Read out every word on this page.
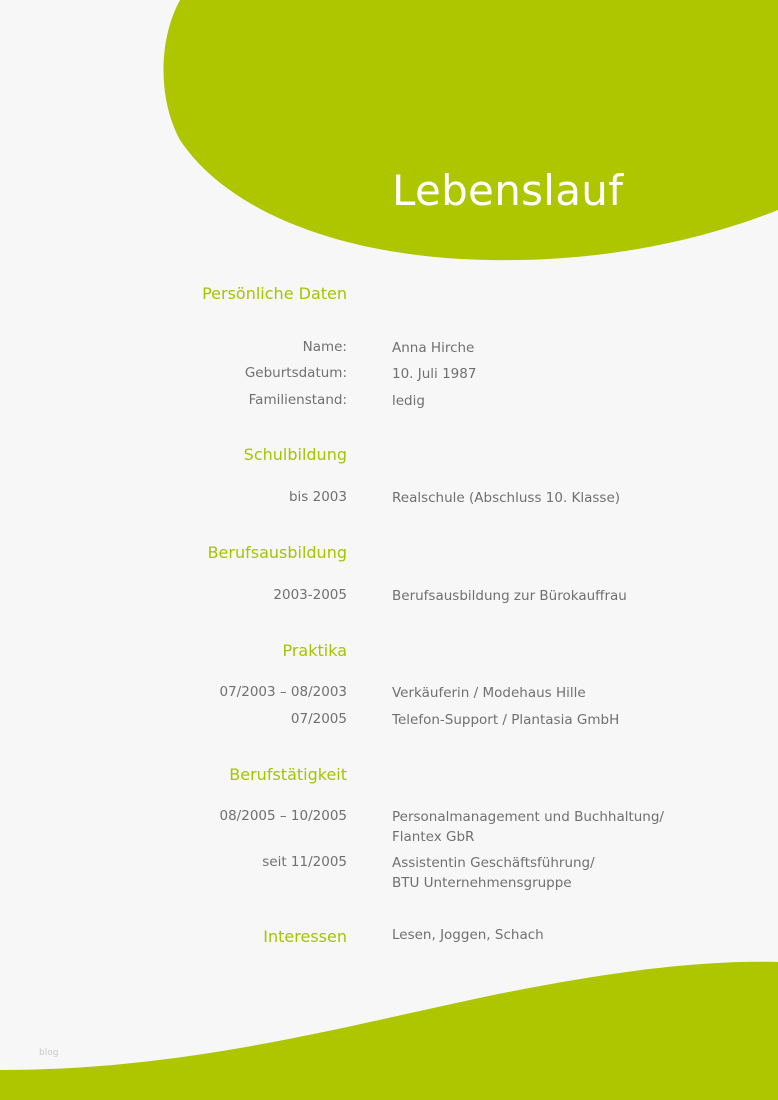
Lebenslauf
Persönliche Daten
Name:	Anna Hirche
Geburtsdatum:	10. Juli 1987
Familienstand:	ledig
Schulbildung
bis 2003	Realschule (Abschluss 10. Klasse)
Berufsausbildung
2003-2005	Berufsausbildung zur Bürokauffrau
Praktika
07/2003 – 08/2003	Verkäuferin / Modehaus Hille
07/2005	Telefon-Support / Plantasia GmbH
Berufstätigkeit
08/2005 – 10/2005	Personalmanagement und Buchhaltung/
Flantex GbR
seit 11/2005	Assistentin Geschäftsführung/
BTU Unternehmensgruppe
Interessen	Lesen, Joggen, Schach
blog
